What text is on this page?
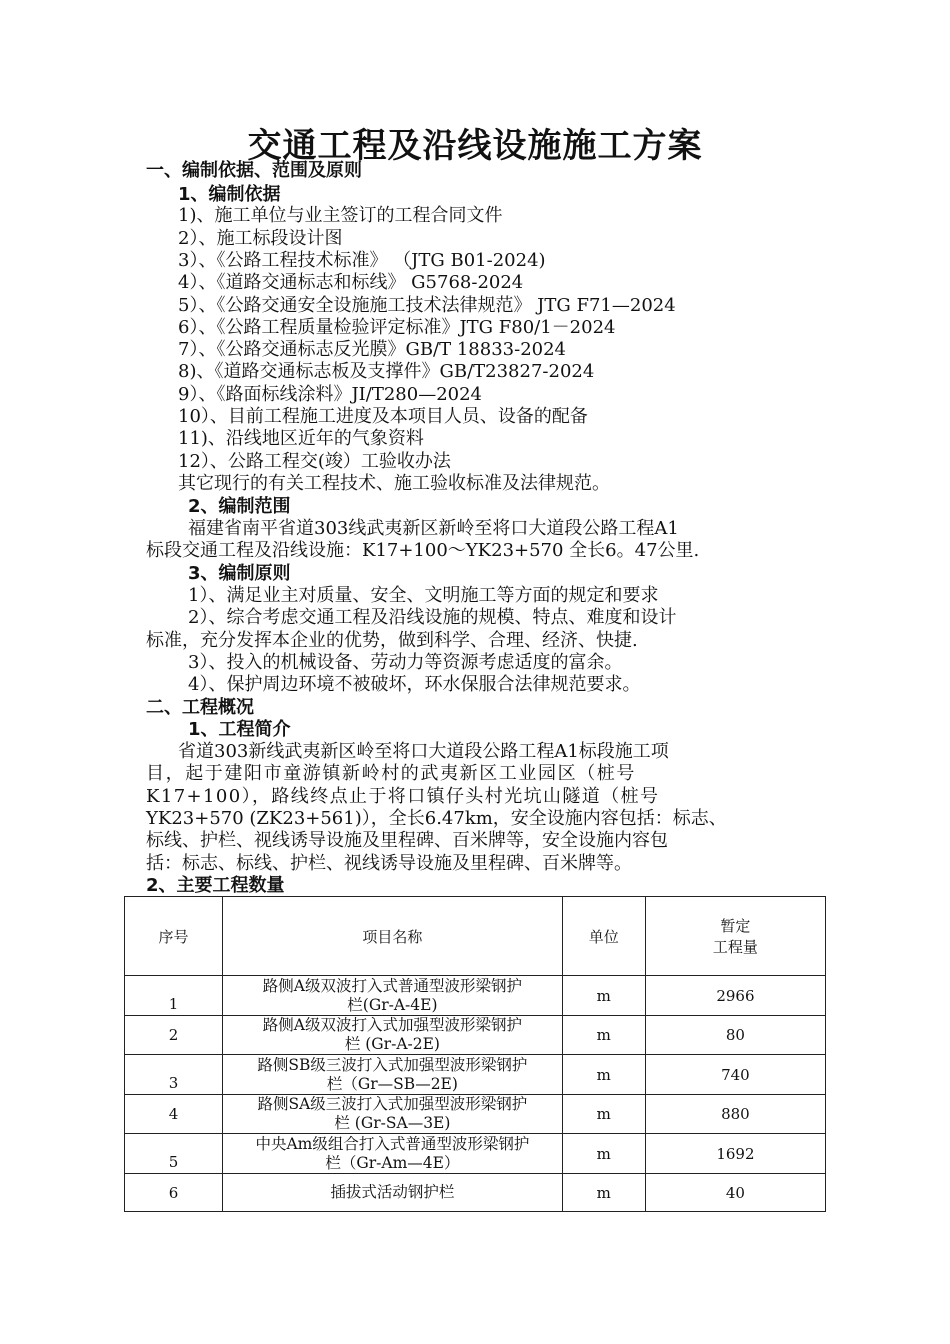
交通工程及沿线设施施工方案
一、编制依据、范围及原则
1、编制依据
1)、施工单位与业主签订的工程合同文件
2）、施工标段设计图
3）、《公路工程技术标准》 （JTG B01-2024)
4）、《道路交通标志和标线》 G5768-2024
5）、《公路交通安全设施施工技术法律规范》 JTG F71—2024
6）、《公路工程质量检验评定标准》JTG F80/1－2024
7）、《公路交通标志反光膜》GB/T 18833-2024
8)、《道路交通标志板及支撑件》GB/T23827-2024
9）、《路面标线涂料》JI/T280—2024
10）、目前工程施工进度及本项目人员、设备的配备
11)、沿线地区近年的气象资料
12）、公路工程交(竣）工验收办法
其它现行的有关工程技术、施工验收标准及法律规范。
2、编制范围
福建省南平省道303线武夷新区新岭至将口大道段公路工程A1
标段交通工程及沿线设施：K17+100～YK23+570 全长6。47公里.
3、编制原则
1）、满足业主对质量、安全、文明施工等方面的规定和要求
2）、综合考虑交通工程及沿线设施的规模、特点、难度和设计
标准，充分发挥本企业的优势，做到科学、合理、经济、快捷.
3）、投入的机械设备、劳动力等资源考虑适度的富余。
4）、保护周边环境不被破坏，环水保服合法律规范要求。
二、工程概况
1、工程简介
省道303新线武夷新区岭至将口大道段公路工程A1标段施工项
目，起于建阳市童游镇新岭村的武夷新区工业园区（桩号
K17+100），路线终点止于将口镇仔头村光坑山隧道（桩号
YK23+570 (ZK23+561)），全长6.47km，安全设施内容包括：标志、
标线、护栏、视线诱导设施及里程碑、百米牌等，安全设施内容包
括：标志、标线、护栏、视线诱导设施及里程碑、百米牌等。
2、主要工程数量
序号	项目名称	单位	暂定
工程量

1	路侧A级双波打入式普通型波形梁钢护
栏(Gr-A-4E)	m	2966
2	路侧A级双波打入式加强型波形梁钢护
栏 (Gr-A-2E)	m	80
3	路侧SB级三波打入式加强型波形梁钢护
栏（Gr—SB—2E)	m	740
4	路侧SA级三波打入式加强型波形梁钢护
栏 (Gr-SA—3E)	m	880
5	中央Am级组合打入式普通型波形梁钢护
栏（Gr-Am—4E）	m	1692
6	插拔式活动钢护栏	m	40
